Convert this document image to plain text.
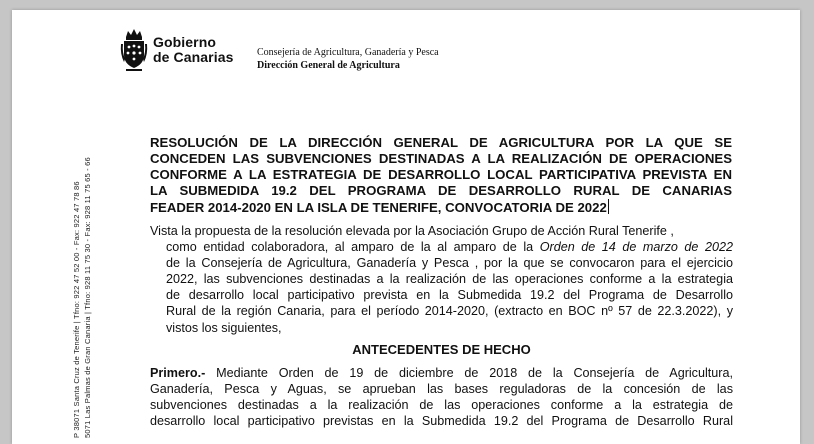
Gobierno
de Canarias Consejería de Agricultura, Ganadería y Pesca
Dirección General de Agricultura
P 38071 Santa Cruz de Tenerife | Tfno: 922 47 52 00 - Fax: 922 47 78 86 5071 Las Palmas de Gran Canaria | Tfno: 928 11 75 30 - Fax: 928 11 75 65 - 66
RESOLUCIÓN DE LA DIRECCIÓN GENERAL DE AGRICULTURA POR LA QUE SE
CONCEDEN LAS SUBVENCIONES DESTINADAS A LA REALIZACIÓN DE OPERACIONES
CONFORME A LA ESTRATEGIA DE DESARROLLO LOCAL PARTICIPATIVA PREVISTA EN
LA SUBMEDIDA 19.2 DEL PROGRAMA DE DESARROLLO RURAL DE CANARIAS
FEADER 2014-2020 EN LA ISLA DE TENERIFE, CONVOCATORIA DE 2022
Vista la propuesta de la resolución elevada por la Asociación Grupo de Acción Rural Tenerife ,
como entidad colaboradora, al amparo de la al amparo de la Orden de 14 de marzo de 2022
de la Consejería de Agricultura, Ganadería y Pesca , por la que se convocaron para el ejercicio
2022, las subvenciones destinadas a la realización de las operaciones conforme a la estrategia
de desarrollo local participativo prevista en la Submedida 19.2 del Programa de Desarrollo
Rural de la región Canaria, para el período 2014-2020, (extracto en BOC nº 57 de 22.3.2022), y
vistos los siguientes,
ANTECEDENTES DE HECHO
Primero.- Mediante Orden de 19 de diciembre de 2018 de la Consejería de Agricultura,
Ganadería, Pesca y Aguas, se aprueban las bases reguladoras de la concesión de las
subvenciones destinadas a la realización de las operaciones conforme a la estrategia de
desarrollo local participativo previstas en la Submedida 19.2 del Programa de Desarrollo Rural
